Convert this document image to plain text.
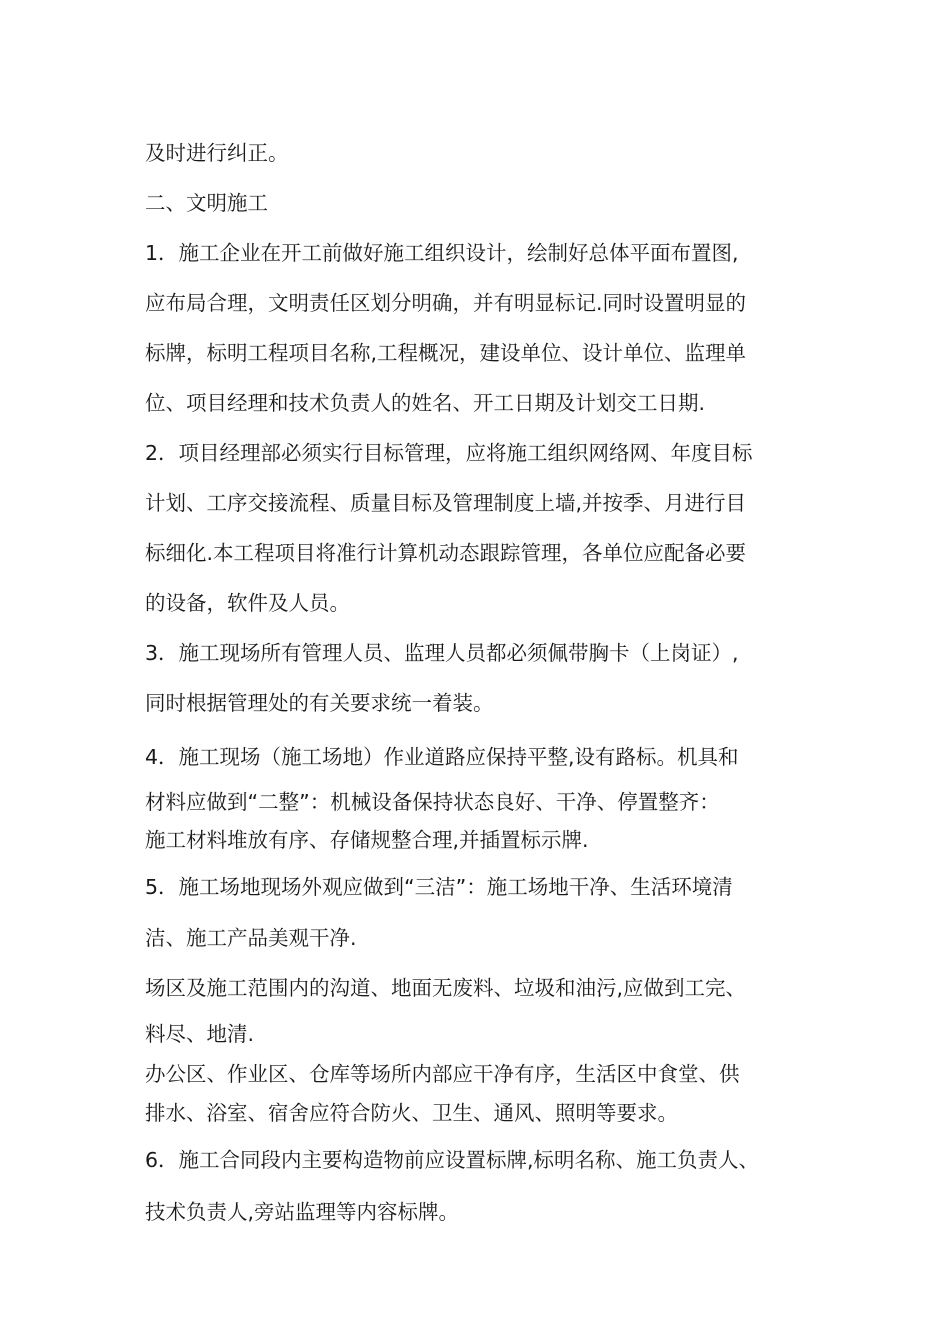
及时进行纠正。
二、文明施工
1．施工企业在开工前做好施工组织设计，绘制好总体平面布置图,
应布局合理，文明责任区划分明确，并有明显标记.同时设置明显的
标牌，标明工程项目名称,工程概况，建设单位、设计单位、监理单
位、项目经理和技术负责人的姓名、开工日期及计划交工日期.
2．项目经理部必须实行目标管理，应将施工组织网络网、年度目标
计划、工序交接流程、质量目标及管理制度上墙,并按季、月进行目
标细化.本工程项目将准行计算机动态跟踪管理，各单位应配备必要
的设备，软件及人员。
3．施工现场所有管理人员、监理人员都必须佩带胸卡（上岗证）,
同时根据管理处的有关要求统一着装。
4．施工现场（施工场地）作业道路应保持平整,设有路标。机具和
材料应做到“二整”：机械设备保持状态良好、干净、停置整齐：
施工材料堆放有序、存储规整合理,并插置标示牌.
5．施工场地现场外观应做到“三洁”：施工场地干净、生活环境清
洁、施工产品美观干净.
场区及施工范围内的沟道、地面无废料、垃圾和油污,应做到工完、
料尽、地清.
办公区、作业区、仓库等场所内部应干净有序，生活区中食堂、供
排水、浴室、宿舍应符合防火、卫生、通风、照明等要求。
6．施工合同段内主要构造物前应设置标牌,标明名称、施工负责人、
技术负责人,旁站监理等内容标牌。
